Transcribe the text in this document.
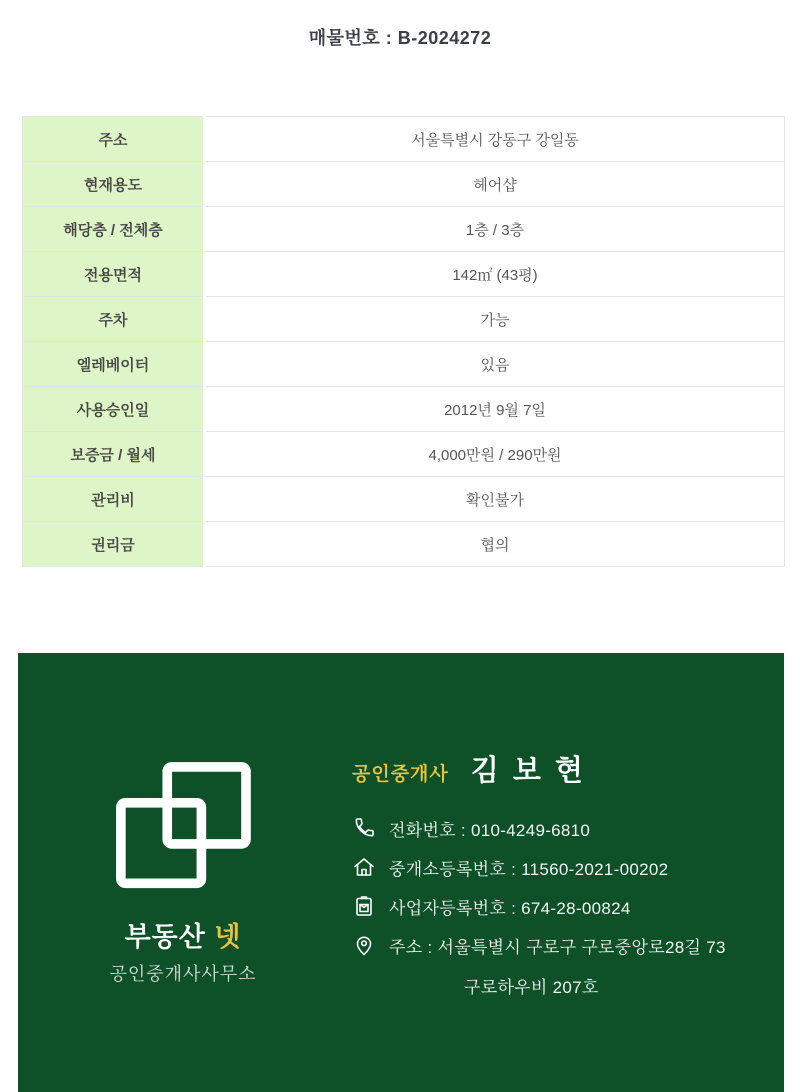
매물번호 : B-2024272
주소	서울특별시 강동구 강일동
현재용도	헤어샵
해당층 / 전체층	1층 / 3층
전용면적	142㎡ (43평)
주차	가능
엘레베이터	있음
사용승인일	2012년 9월 7일
보증금 / 월세	4,000만원 / 290만원
관리비	확인불가
권리금	협의
부동산 넷
공인중개사사무소
공인중개사 김 보 현
전화번호 : 010-4249-6810
중개소등록번호 : 11560-2021-00202
사업자등록번호 : 674-28-00824
주소 : 서울특별시 구로구 구로중앙로28길 73
구로하우비 207호
